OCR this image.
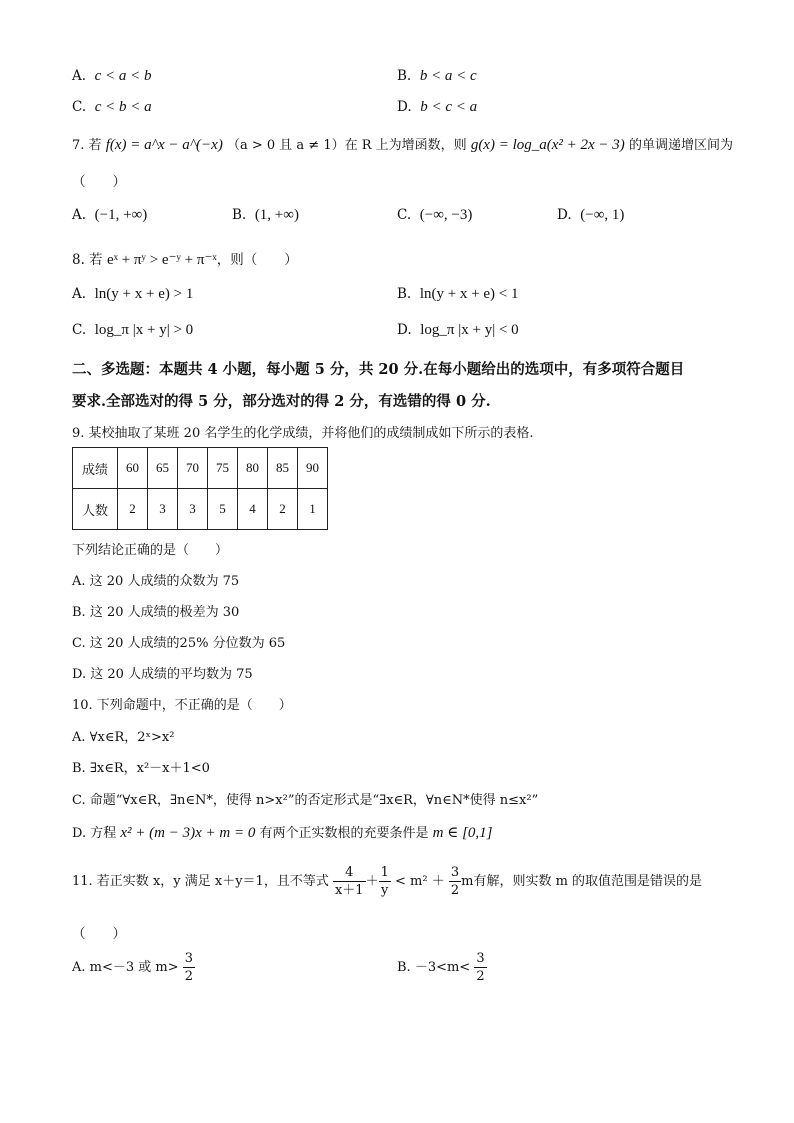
A. c < a < b	B. b < a < c
C. c < b < a	D. b < c < a
7. 若 f(x) = a^x − a^(−x) （a > 0 且 a ≠ 1）在 R 上为增函数，则 g(x) = log_a(x² + 2x − 3) 的单调递增区间为
（　　）
A. (−1, +∞)	B. (1, +∞)	C. (−∞, −3)	D. (−∞, 1)
8. 若 eˣ + πʸ > e⁻ʸ + π⁻ˣ，则（　　）
A. ln(y + x + e) > 1	B. ln(y + x + e) < 1
C. log_π |x + y| > 0	D. log_π |x + y| < 0
二、多选题：本题共 4 小题，每小题 5 分，共 20 分.在每小题给出的选项中，有多项符合题目
要求.全部选对的得 5 分，部分选对的得 2 分，有选错的得 0 分.
9. 某校抽取了某班 20 名学生的化学成绩，并将他们的成绩制成如下所示的表格.
成绩	60	65	70	75	80	85	90
人数	2	3	3	5	4	2	1
下列结论正确的是（　　）
A. 这 20 人成绩的众数为 75
B. 这 20 人成绩的极差为 30
C. 这 20 人成绩的25% 分位数为 65
D. 这 20 人成绩的平均数为 75
10. 下列命题中，不正确的是（　　）
A. ∀x∈R，2ˣ>x²
B. ∃x∈R，x²－x＋1<0
C. 命题“∀x∈R，∃n∈N*，使得 n>x²”的否定形式是“∃x∈R，∀n∈N*使得 n≤x²”
D. 方程 x² + (m − 3)x + m = 0 有两个正实数根的充要条件是 m ∈ [0,1]
11. 若正实数 x，y 满足 x＋y＝1，且不等式 $\frac{4}{x+1} + \frac{1}{y} < m^2 + \frac{3}{2}$ m有解，则实数 m 的取值范围是错误的是
（　　）
A. m<－3 或 $m> \frac{3}{2}$	B. $-3<m< \frac{3}{2}$
